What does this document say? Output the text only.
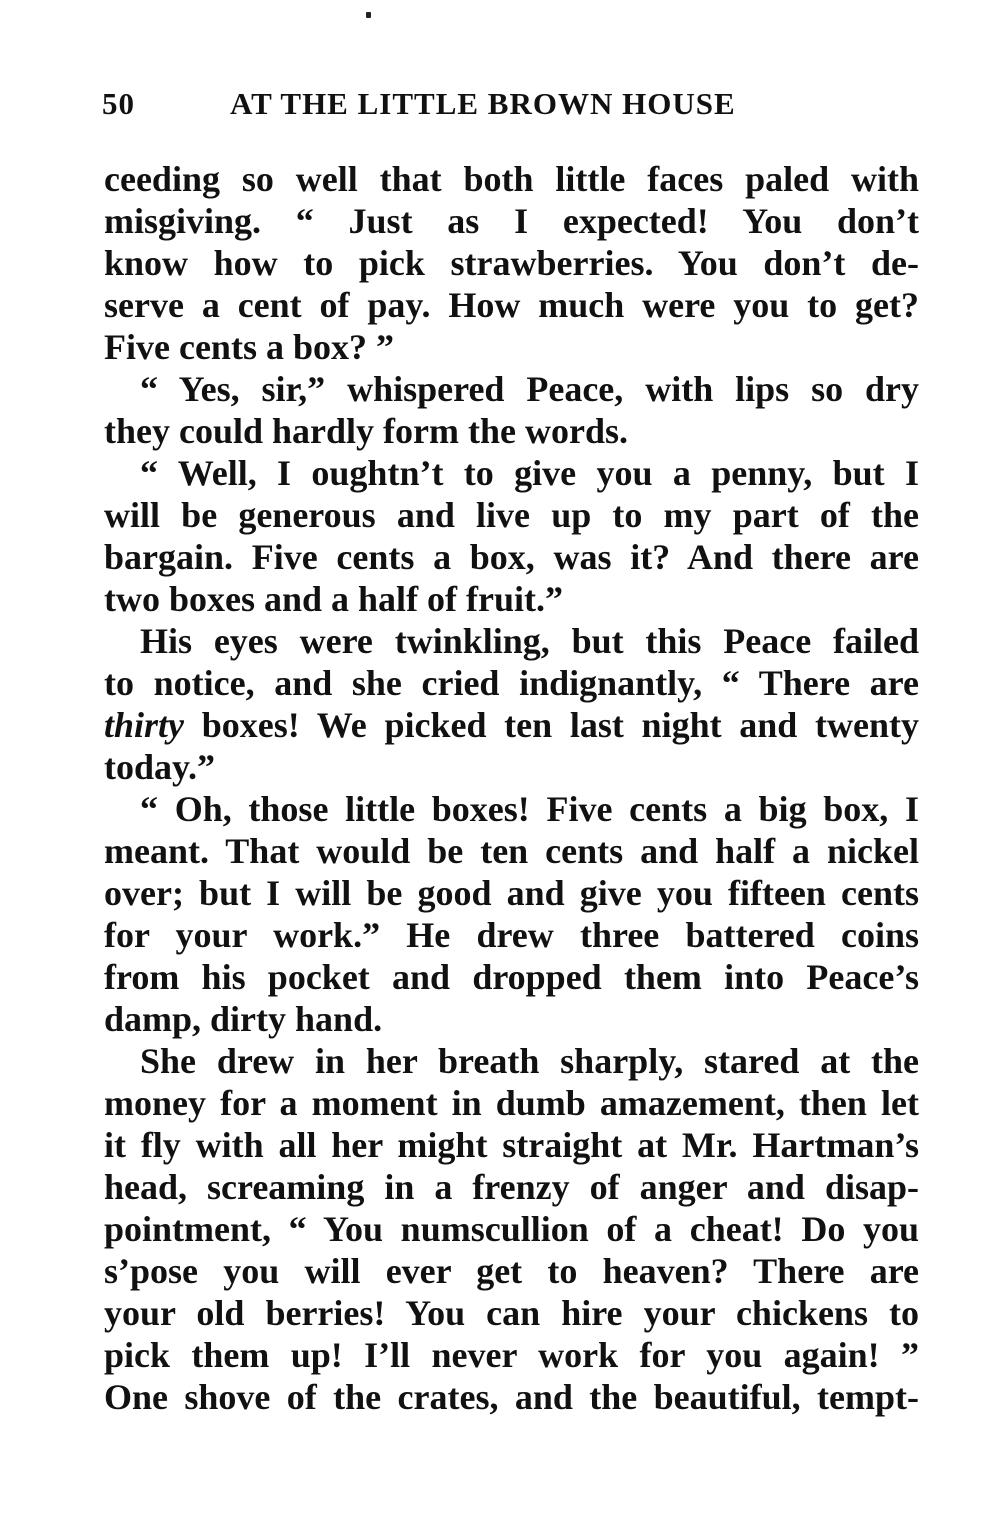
50	AT THE LITTLE BROWN HOUSE
ceeding so well that both little faces paled with
misgiving. “ Just as I expected! You don’t
know how to pick strawberries. You don’t de-
serve a cent of pay. How much were you to get?
Five cents a box? ”
“ Yes, sir,” whispered Peace, with lips so dry
they could hardly form the words.
“ Well, I oughtn’t to give you a penny, but I
will be generous and live up to my part of the
bargain. Five cents a box, was it? And there are
two boxes and a half of fruit.”
His eyes were twinkling, but this Peace failed
to notice, and she cried indignantly, “ There are
thirty boxes! We picked ten last night and twenty
today.”
“ Oh, those little boxes! Five cents a big box, I
meant. That would be ten cents and half a nickel
over; but I will be good and give you fifteen cents
for your work.” He drew three battered coins
from his pocket and dropped them into Peace’s
damp, dirty hand.
She drew in her breath sharply, stared at the
money for a moment in dumb amazement, then let
it fly with all her might straight at Mr. Hartman’s
head, screaming in a frenzy of anger and disap-
pointment, “ You numscullion of a cheat! Do you
s’pose you will ever get to heaven? There are
your old berries! You can hire your chickens to
pick them up! I’ll never work for you again! ”
One shove of the crates, and the beautiful, tempt-
